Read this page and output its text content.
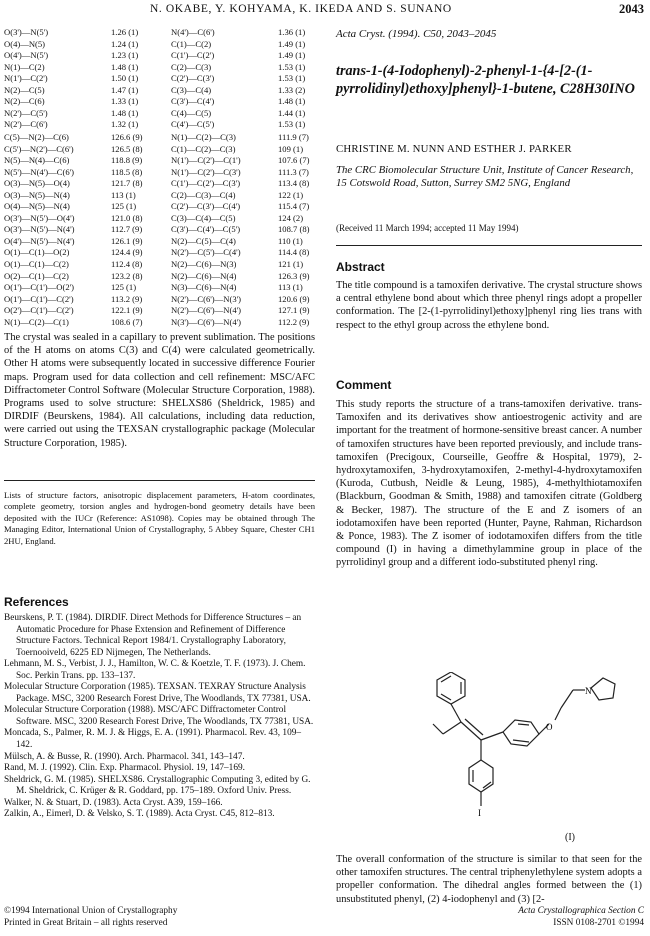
N. OKABE, Y. KOHYAMA, K. IKEDA AND S. SUNANO	2043
O(3')—N(5')	1.26 (1)	N(4')—C(6')	1.36 (1)
O(4)—N(5)	1.24 (1)	C(1)—C(2)	1.49 (1)
O(4')—N(5')	1.23 (1)	C(1')—C(2')	1.49 (1)
N(1)—C(2)	1.48 (1)	C(2)—C(3)	1.53 (1)
N(1')—C(2')	1.50 (1)	C(2')—C(3')	1.53 (1)
N(2)—C(5)	1.47 (1)	C(3)—C(4)	1.33 (2)
N(2)—C(6)	1.33 (1)	C(3')—C(4')	1.48 (1)
N(2')—C(5')	1.48 (1)	C(4)—C(5)	1.44 (1)
N(2')—C(6')	1.32 (1)	C(4')—C(5')	1.53 (1)
C(5)—N(2)—C(6)	126.6 (9)	N(1)—C(2)—C(3)	111.9 (7)
C(5')—N(2')—C(6')	126.5 (8)	C(1)—C(2)—C(3)	109 (1)
N(5)—N(4)—C(6)	118.8 (9)	N(1')—C(2')—C(1')	107.6 (7)
N(5')—N(4')—C(6')	118.5 (8)	N(1')—C(2')—C(3')	111.3 (7)
O(3)—N(5)—O(4)	121.7 (8)	C(1')—C(2')—C(3')	113.4 (8)
O(3)—N(5)—N(4)	113 (1)	C(2)—C(3)—C(4)	122 (1)
O(4)—N(5)—N(4)	125 (1)	C(2')—C(3')—C(4')	115.4 (7)
O(3')—N(5')—O(4')	121.0 (8)	C(3)—C(4)—C(5)	124 (2)
O(3')—N(5')—N(4')	112.7 (9)	C(3')—C(4')—C(5')	108.7 (8)
O(4')—N(5')—N(4')	126.1 (9)	N(2)—C(5)—C(4)	110 (1)
O(1)—C(1)—O(2)	124.4 (9)	N(2')—C(5')—C(4')	114.4 (8)
O(1)—C(1)—C(2)	112.4 (8)	N(2)—C(6)—N(3)	121 (1)
O(2)—C(1)—C(2)	123.2 (8)	N(2)—C(6)—N(4)	126.3 (9)
O(1')—C(1')—O(2')	125 (1)	N(3)—C(6)—N(4)	113 (1)
O(1')—C(1')—C(2')	113.2 (9)	N(2')—C(6')—N(3')	120.6 (9)
O(2')—C(1')—C(2')	122.1 (9)	N(2')—C(6')—N(4')	127.1 (9)
N(1)—C(2)—C(1)	108.6 (7)	N(3')—C(6')—N(4')	112.2 (9)
The crystal was sealed in a capillary to prevent sublimation. The positions of the H atoms on atoms C(3) and C(4) were calculated geometrically. Other H atoms were subsequently located in successive difference Fourier maps. Program used for data collection and cell refinement: MSC/AFC Diffractometer Control Software (Molecular Structure Corporation, 1988). Programs used to solve structure: SHELXS86 (Sheldrick, 1985) and DIRDIF (Beurskens, 1984). All calculations, including data reduction, were carried out using the TEXSAN crystallographic package (Molecular Structure Corporation, 1985).
Lists of structure factors, anisotropic displacement parameters, H-atom coordinates, complete geometry, torsion angles and hydrogen-bond geometry details have been deposited with the IUCr (Reference: AS1098). Copies may be obtained through The Managing Editor, International Union of Crystallography, 5 Abbey Square, Chester CH1 2HU, England.
References
Beurskens, P. T. (1984). DIRDIF. Direct Methods for Difference Structures – an Automatic Procedure for Phase Extension and Refinement of Difference Structure Factors. Technical Report 1984/1. Crystallography Laboratory, Toernooiveld, 6225 ED Nijmegen, The Netherlands.
Lehmann, M. S., Verbist, J. J., Hamilton, W. C. & Koetzle, T. F. (1973). J. Chem. Soc. Perkin Trans. pp. 133–137.
Molecular Structure Corporation (1985). TEXSAN. TEXRAY Structure Analysis Package. MSC, 3200 Research Forest Drive, The Woodlands, TX 77381, USA.
Molecular Structure Corporation (1988). MSC/AFC Diffractometer Control Software. MSC, 3200 Research Forest Drive, The Woodlands, TX 77381, USA.
Moncada, S., Palmer, R. M. J. & Higgs, E. A. (1991). Pharmacol. Rev. 43, 109–142.
Mülsch, A. & Busse, R. (1990). Arch. Pharmacol. 341, 143–147.
Rand, M. J. (1992). Clin. Exp. Pharmacol. Physiol. 19, 147–169.
Sheldrick, G. M. (1985). SHELXS86. Crystallographic Computing 3, edited by G. M. Sheldrick, C. Krüger & R. Goddard, pp. 175–189. Oxford Univ. Press.
Walker, N. & Stuart, D. (1983). Acta Cryst. A39, 159–166.
Zalkin, A., Eimerl, D. & Velsko, S. T. (1989). Acta Cryst. C45, 812–813.
©1994 International Union of Crystallography
Printed in Great Britain – all rights reserved
Acta Cryst. (1994). C50, 2043–2045
trans-1-(4-Iodophenyl)-2-phenyl-1-{4-[2-(1-pyrrolidinyl)ethoxy]phenyl}-1-butene, C28H30INO
CHRISTINE M. NUNN AND ESTHER J. PARKER
The CRC Biomolecular Structure Unit, Institute of Cancer Research, 15 Cotswold Road, Sutton, Surrey SM2 5NG, England
(Received 11 March 1994; accepted 11 May 1994)
Abstract
The title compound is a tamoxifen derivative. The crystal structure shows a central ethylene bond about which three phenyl rings adopt a propeller conformation. The [2-(1-pyrrolidinyl)ethoxy]phenyl ring lies trans with respect to the ethyl group across the ethylene bond.
Comment
This study reports the structure of a trans-tamoxifen derivative. trans-Tamoxifen and its derivatives show antioestrogenic activity and are important for the treatment of hormone-sensitive breast cancer. A number of tamoxifen structures have been reported previously, and include trans-tamoxifen (Precigoux, Courseille, Geoffre & Hospital, 1979), 2-hydroxytamoxifen, 3-hydroxytamoxifen, 2-methyl-4-hydroxytamoxifen (Kuroda, Cutbush, Neidle & Leung, 1985), 4-methylthiotamoxifen (Blackburn, Goodman & Smith, 1988) and tamoxifen citrate (Goldberg & Becker, 1987). The structure of the E and Z isomers of an iodotamoxifen have been reported (Hunter, Payne, Rahman, Richardson & Ponce, 1983). The Z isomer of iodotamoxifen differs from the title compound (I) in having a dimethylammine group in place of the pyrrolidinyl group and a different iodo-substituted phenyl ring.
O
N
I
(I)
The overall conformation of the structure is similar to that seen for the other tamoxifen structures. The central triphenylethylene system adopts a propeller conformation. The dihedral angles formed between the (1) unsubstituted phenyl, (2) 4-iodophenyl and (3) [2-
Acta Crystallographica Section C
ISSN 0108-2701 ©1994
